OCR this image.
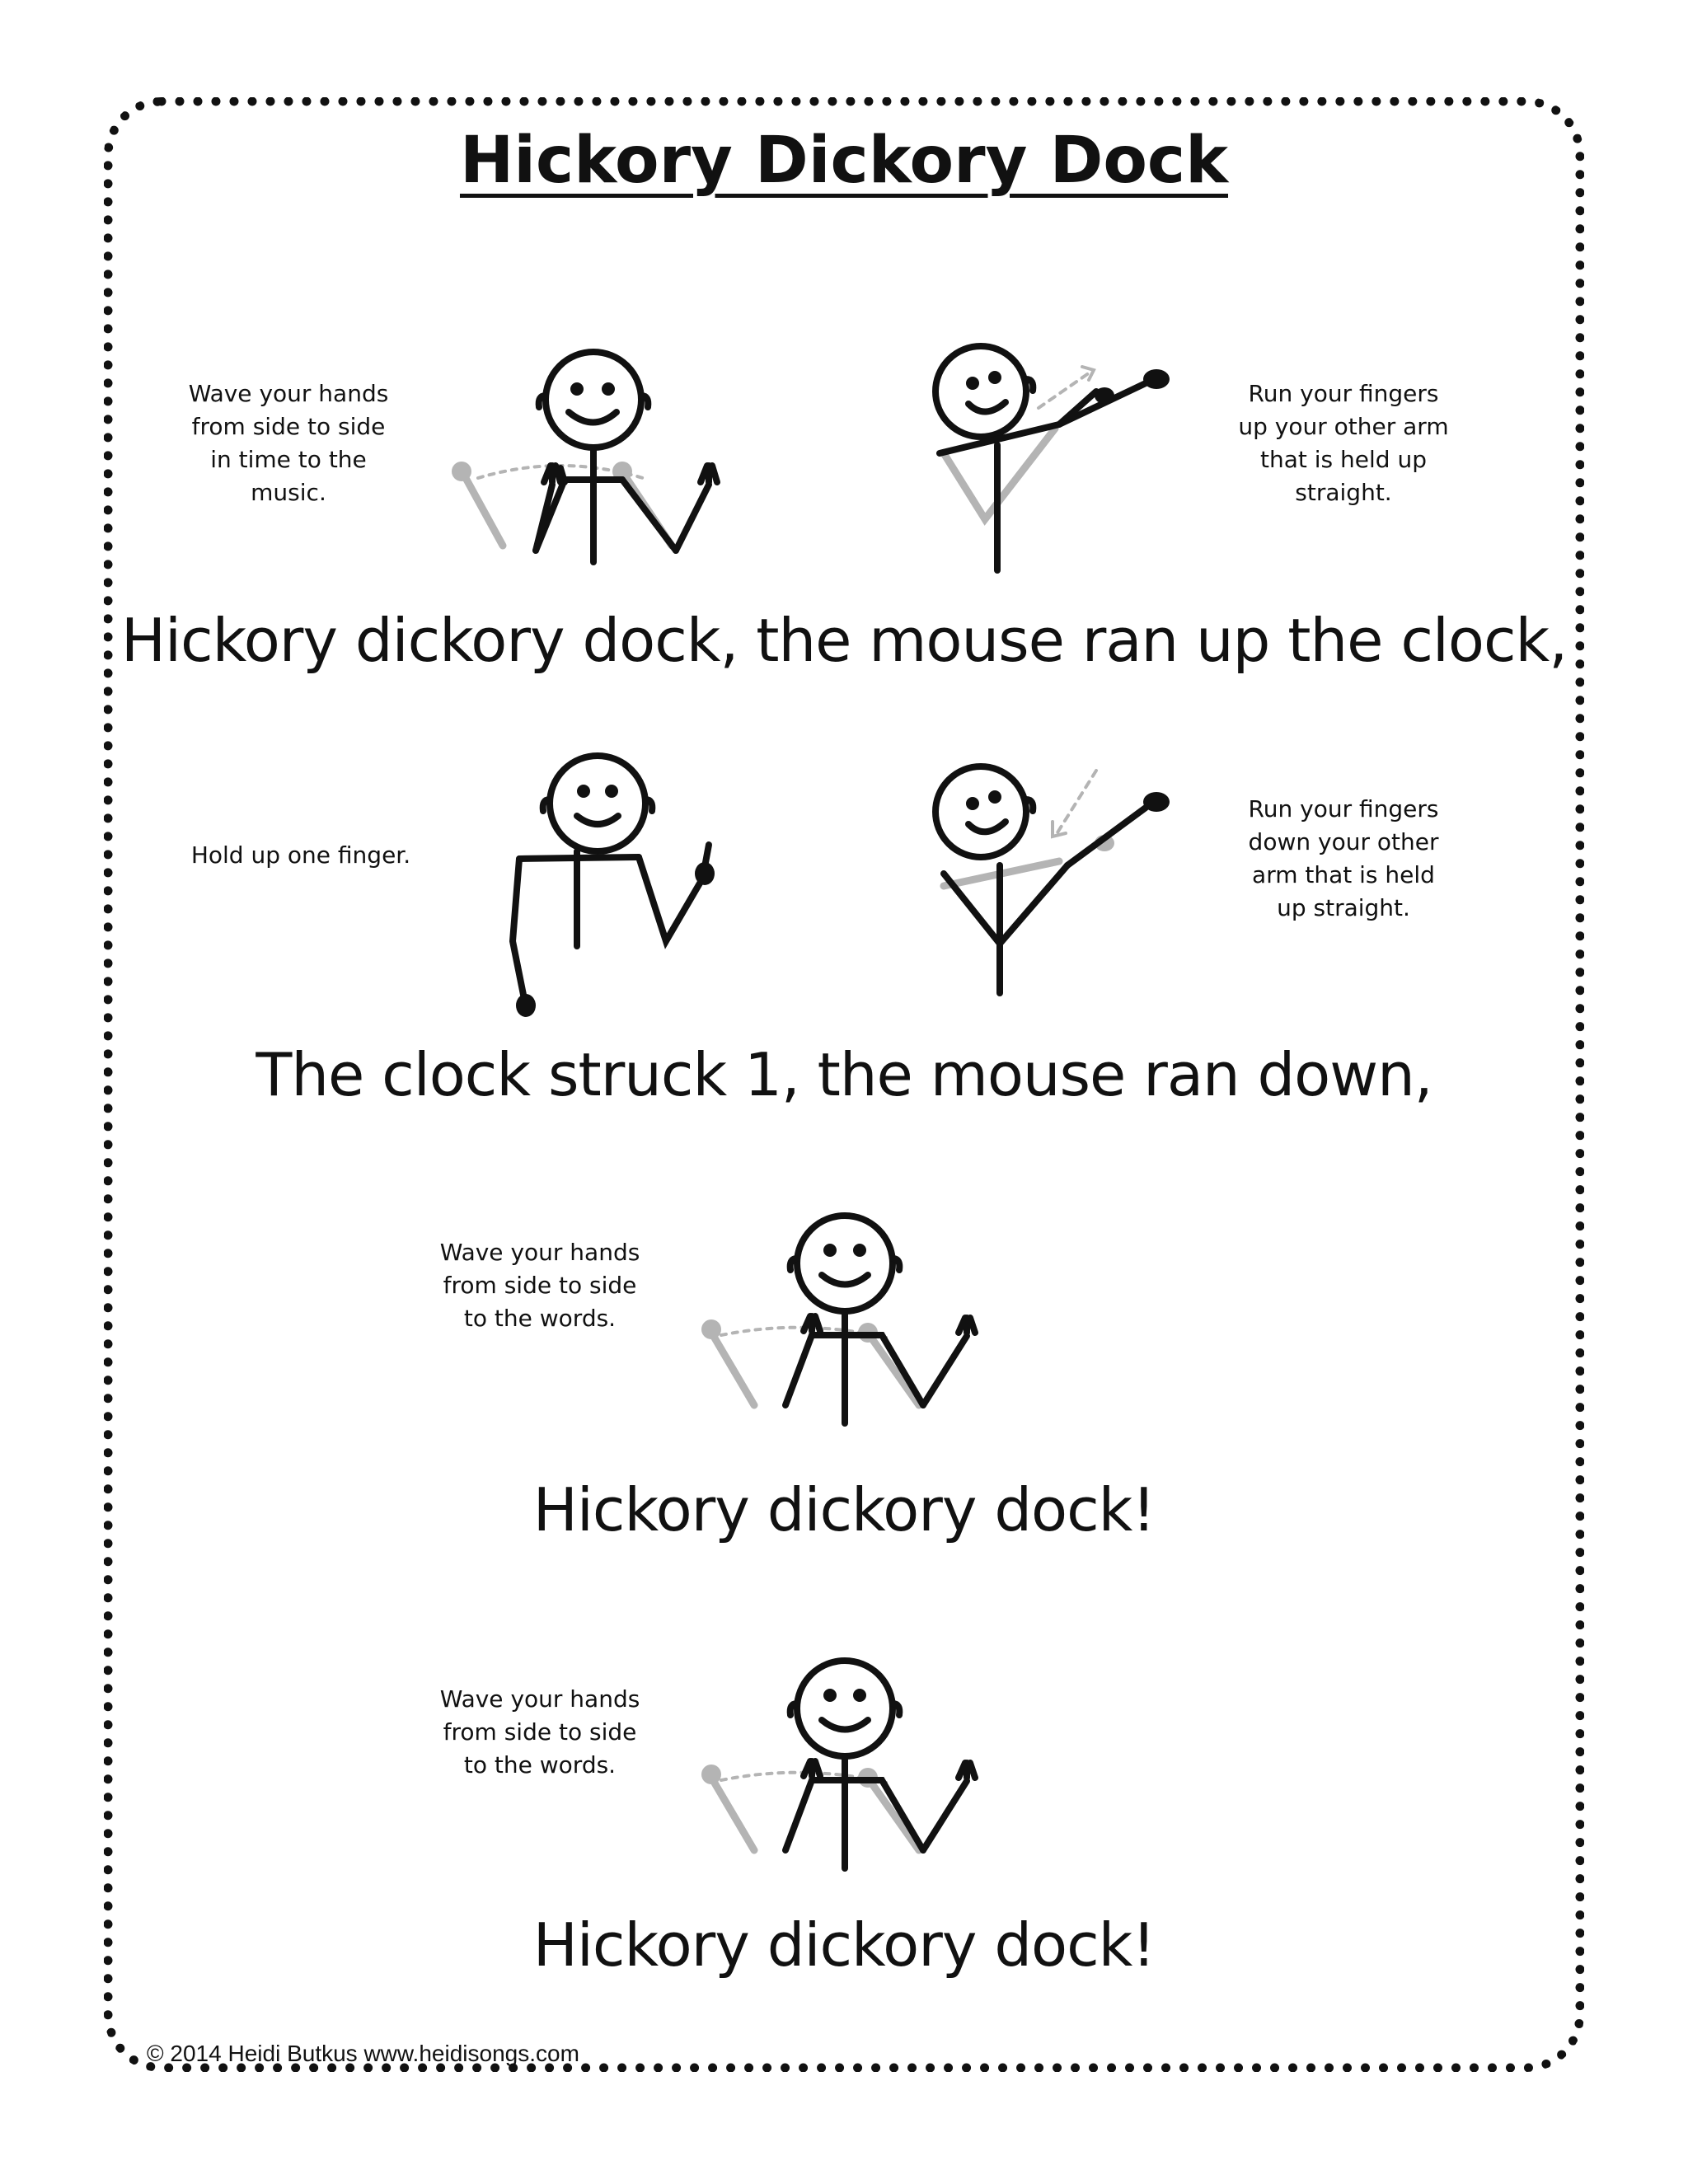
Hickory Dickory Dock
Wave your hands
from side to side
in time to the
music.
Run your fingers
up your other arm
that is held up
straight.
Hickory dickory dock, the mouse ran up the clock,
Hold up one finger.
Run your fingers
down your other
arm that is held
up straight.
The clock struck 1, the mouse ran down,
Wave your hands
from side to side
to the words.
Hickory dickory dock!
Wave your hands
from side to side
to the words.
Hickory dickory dock!
© 2014 Heidi Butkus www.heidisongs.com
